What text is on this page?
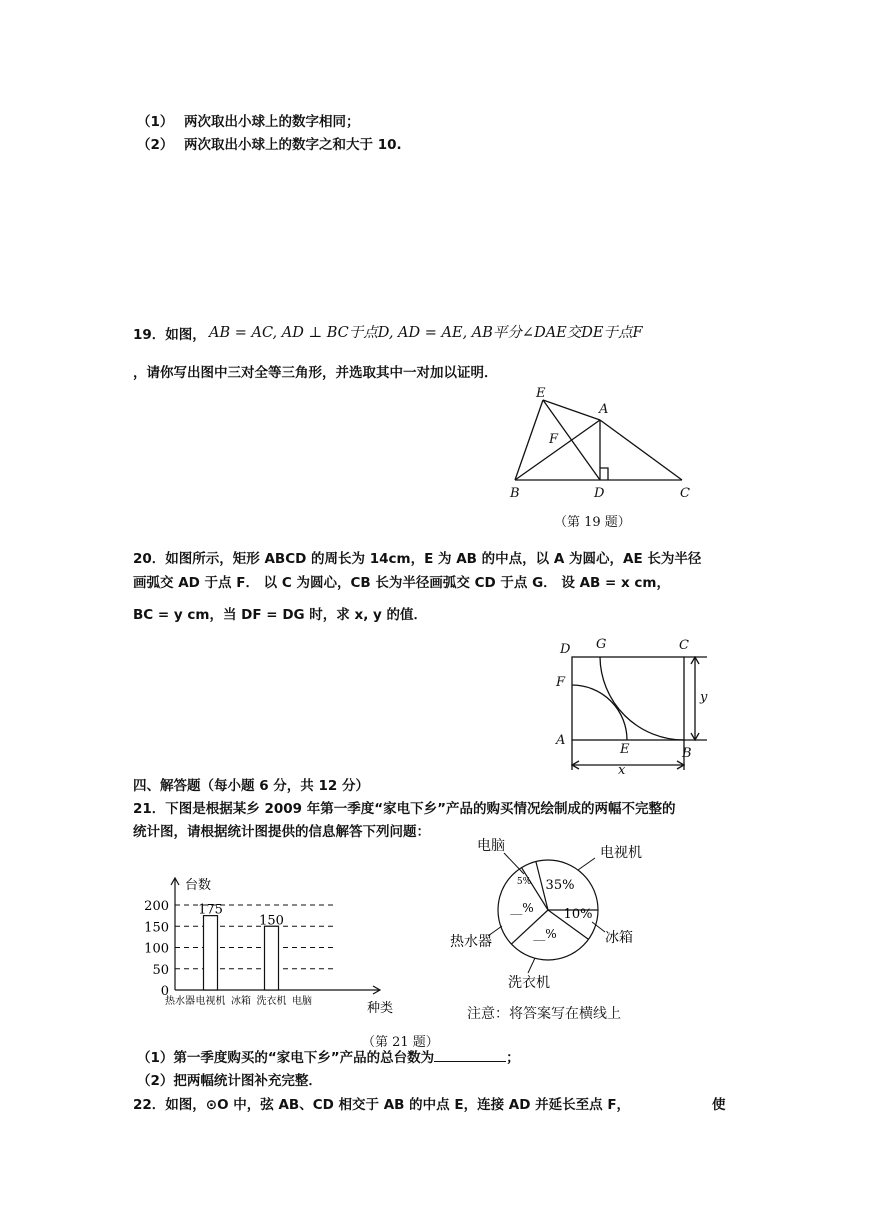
（1） 两次取出小球上的数字相同；
（2） 两次取出小球上的数字之和大于 10.
19．如图， AB = AC, AD ⊥ BC于点D, AD = AE, AB平分∠DAE交DE于点F
，请你写出图中三对全等三角形，并选取其中一对加以证明．
E
A
F
B	D	C
（第 19 题）
20．如图所示，矩形 ABCD 的周长为 14cm，E 为 AB 的中点，以 A 为圆心，AE 长为半径
画弧交 AD 于点 F． 以 C 为圆心，CB 长为半径画弧交 CD 于点 G． 设 AB = x cm，
BC = y cm，当 DF = DG 时，求 x, y 的值．
D G	C
F
y
A
E	B
x
四、解答题（每小题 6 分，共 12 分）
21．下图是根据某乡 2009 年第一季度“家电下乡”产品的购买情况绘制成的两幅不完整的
统计图，请根据统计图提供的信息解答下列问题：
台数
种类
0
50
100
150
200
热水器 电视机
175
冰箱 洗衣机
150
电脑
35%
10%
__%
__%
5%
电视机
冰箱
洗衣机
热水器
电脑
注意：将答案写在横线上
（第 21 题）
（1）第一季度购买的“家电下乡”产品的总台数为	；
（2）把两幅统计图补充完整．
22．如图，⊙O 中，弦 AB、CD 相交于 AB 的中点 E，连接 AD 并延长至点 F，	使
